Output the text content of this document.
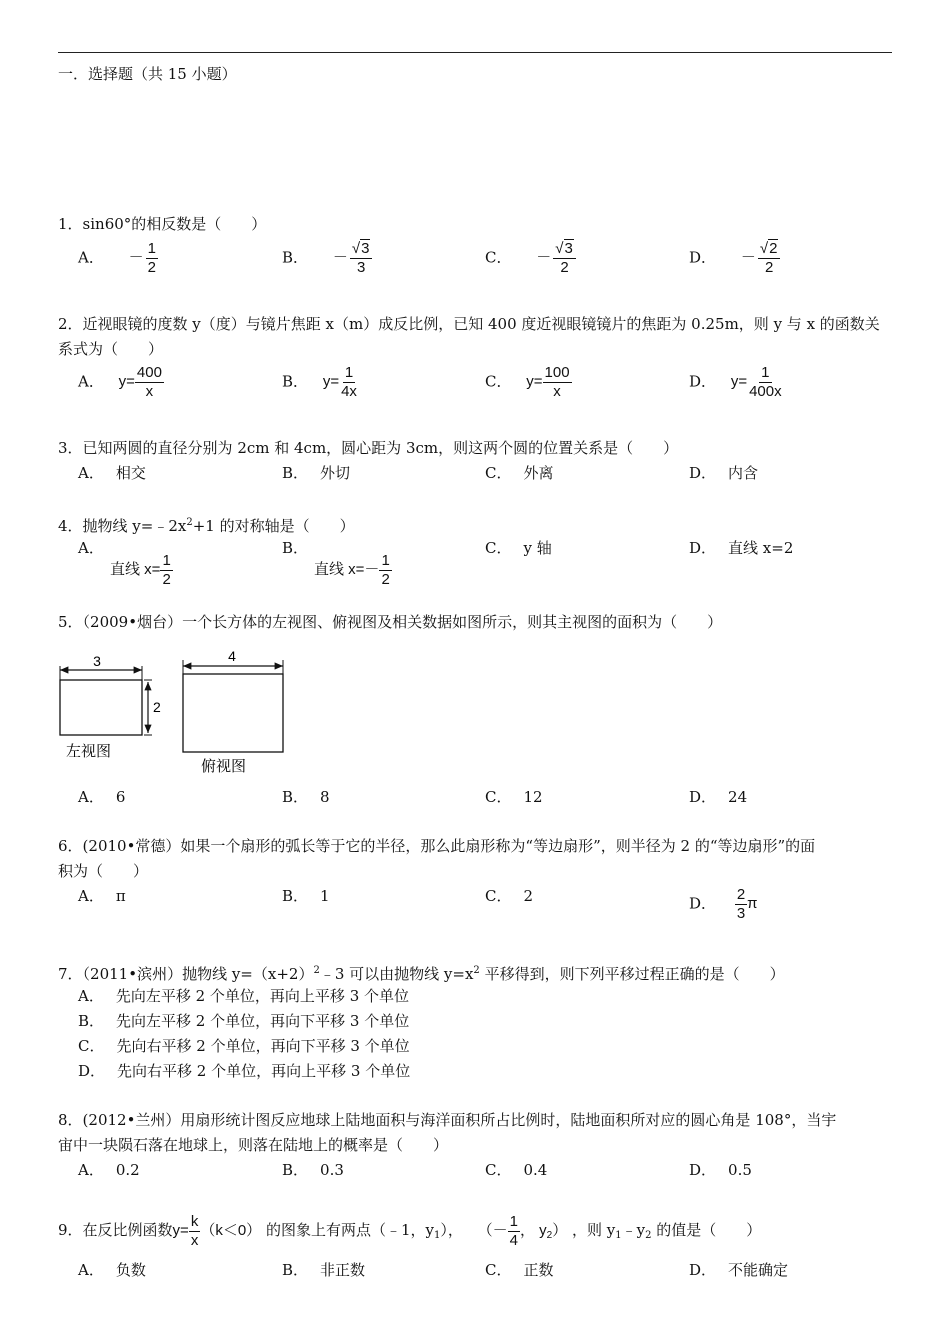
一．选择题（共 15 小题）
1．sin60°的相反数是（　　）
A． － $\frac{1}{2}$	B． － $\frac{√3}{3}$	C． － $\frac{√3}{2}$	D． － $\frac{√2}{2}$
2．近视眼镜的度数 y（度）与镜片焦距 x（m）成反比例，已知 400 度近视眼镜镜片的焦距为 0.25m，则 y 与 x 的函数关
系式为（　　）
A． $y= \frac{400}{x}$	B． $y= \frac{1}{4x}$	C． $y= \frac{100}{x}$	D． $y= \frac{1}{400x}$
3．已知两圆的直径分别为 2cm 和 4cm，圆心距为 3cm，则这两个圆的位置关系是（　　）
A． 相交	B． 外切	C． 外离	D． 内含
4．抛物线 $y=﹣2x^2+1$ 的对称轴是（　　）
A．
直线 $x= \frac{1}{2}$
B．
直线 $x=- \frac{1}{2}$
C． y 轴	D． 直线 x=2
5．（2009•烟台）一个长方体的左视图、俯视图及相关数据如图所示，则其主视图的面积为（　　）
3
2
左视图
4
俯视图
A． 6	B． 8	C． 12	D． 24
6．(2010•常德）如果一个扇形的弧长等于它的半径，那么此扇形称为“等边扇形”，则半径为 2 的“等边扇形”的面
积为（　　）
A． π	B． 1	C． 2	D． $\frac{2}{3}$ π
7．（2011•滨州）抛物线 $y=(x+2)^2﹣3$ 可以由抛物线 $y=x^2$ 平移得到，则下列平移过程正确的是（　　）
A． 先向左平移 2 个单位，再向上平移 3 个单位
B． 先向左平移 2 个单位，再向下平移 3 个单位
C． 先向右平移 2 个单位，再向下平移 3 个单位
D． 先向右平移 2 个单位，再向上平移 3 个单位
8．(2012•兰州）用扇形统计图反应地球上陆地面积与海洋面积所占比例时，陆地面积所对应的圆心角是 108°，当宇
宙中一块陨石落在地球上，则落在陆地上的概率是（　　）
A． 0.2	B． 0.3	C． 0.4	D． 0.5
9．在反比例函数$y= \frac{k}{x} (k<0)$ 的图象上有两点（﹣1，$y_1$）， （－ $\frac{1}{4}$ ， $y_2$） ，则 $y_1﹣y_2$ 的值是（　　）
A． 负数	B． 非正数	C． 正数	D． 不能确定
